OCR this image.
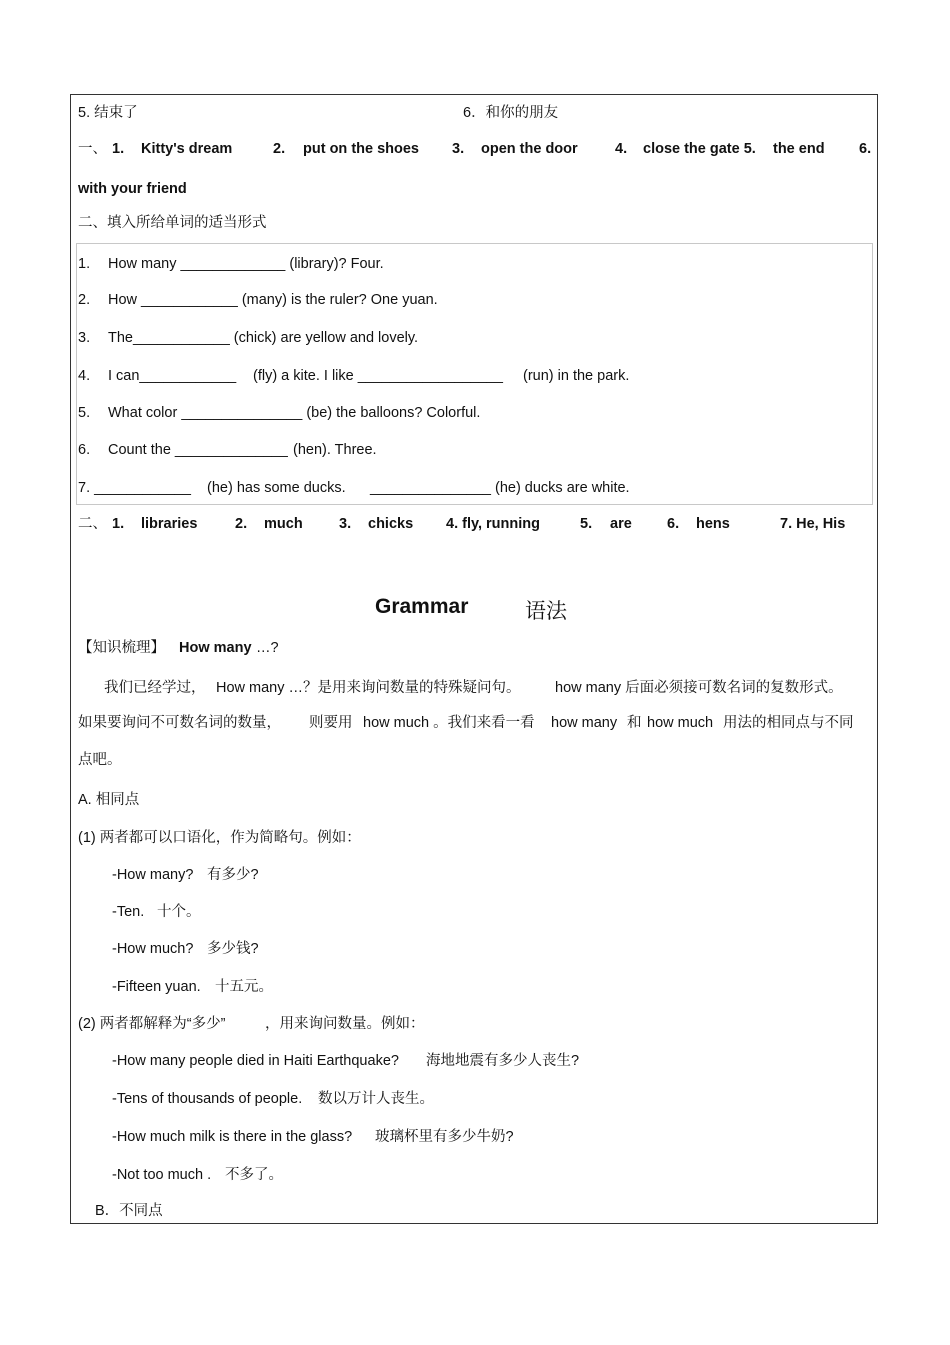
5. 结束了	6．和你的朋友
一、 1. Kitty's dream	2. put on the shoes 3. open the door	4. close the gate 5. the end 6.
with your friend
二、填入所给单词的适当形式
1. How many _____________ (library)? Four.
2. How ____________ (many) is the ruler? One yuan.
3. The____________ (chick) are yellow and lovely.
4. I can____________ (fly) a kite. I like __________________ (run) in the park.
5. What color _______________ (be) the balloons? Colorful.
6. Count the ______________ (hen). Three.
7. ____________ (he) has some ducks. _______________ (he) ducks are white.
二、 1. libraries	2. much	3. chicks 4. fly, running	5. are 6. hens	7. He, His
Grammar	语法
【知识梳理】 How many …?
我们已经学过， How many …？是用来询问数量的特殊疑问句。 how many 后面必须接可数名词的复数形式。
如果要询问不可数名词的数量， 则要用 how much 。我们来看一看 how many 和 how much 用法的相同点与不同
点吧。
A. 相同点
(1) 两者都可以口语化，作为简略句。例如：
-How many? 有多少?
-Ten. 十个。
-How much? 多少钱?
-Fifteen yuan. 十五元。
(2) 两者都解释为“多少”	，用来询问数量。例如：
-How many people died in Haiti Earthquake? 海地地震有多少人丧生?
-Tens of thousands of people. 数以万计人丧生。
-How much milk is there in the glass? 玻璃杯里有多少牛奶?
-Not too much . 不多了。
B．不同点
